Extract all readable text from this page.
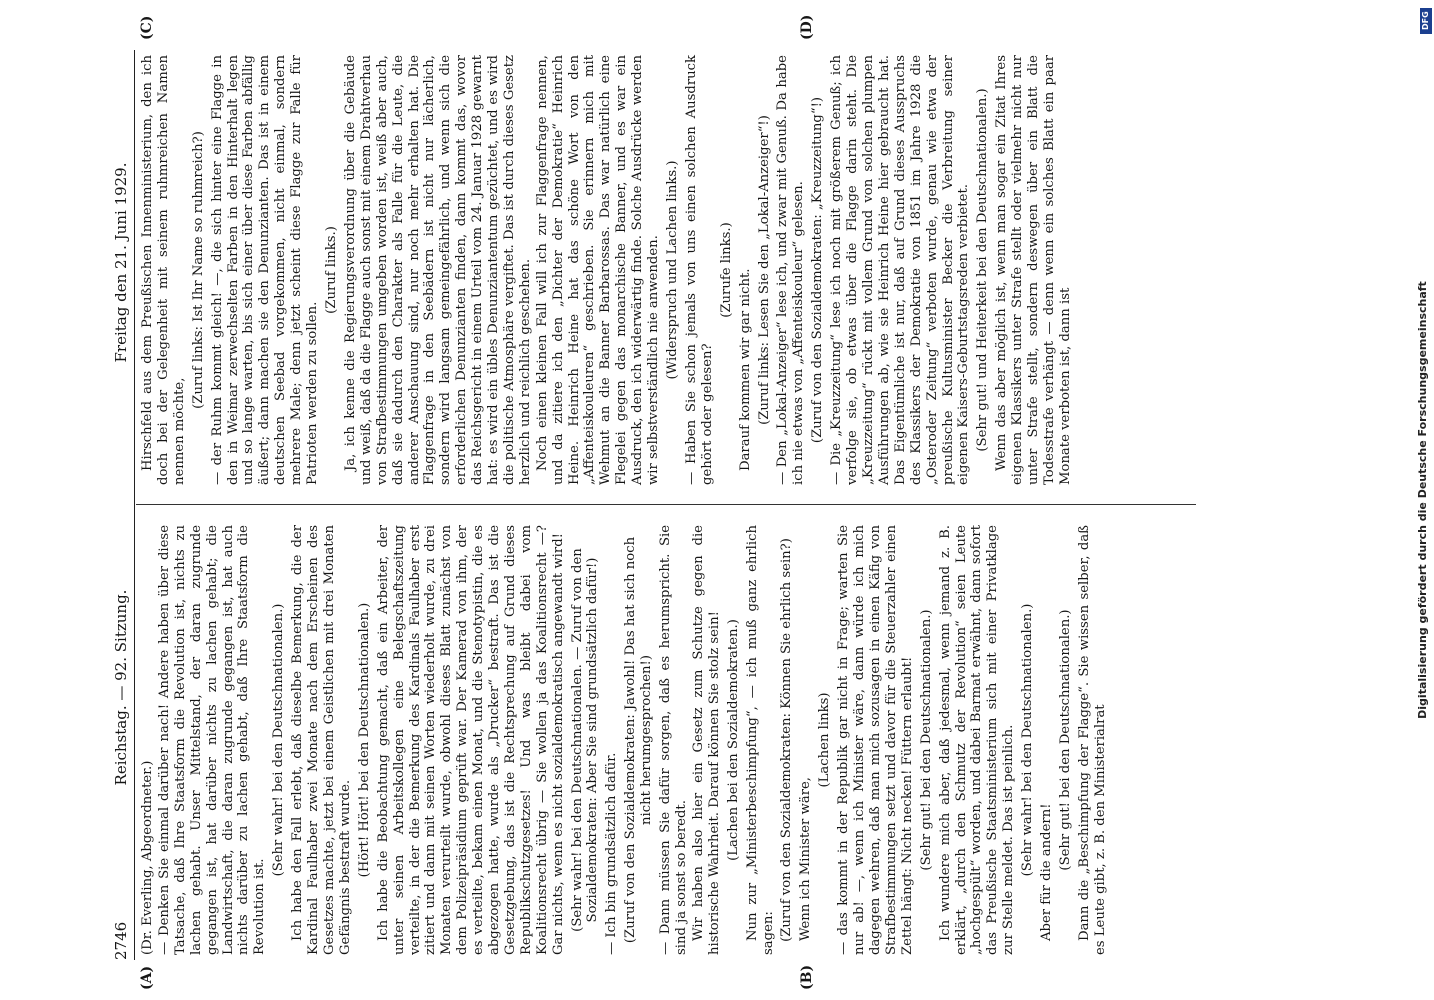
2746
Reichstag. — 92. Sitzung.
Freitag den 21. Juni 1929.
(A)	(B)
(C)	(D)

(Dr. Everling, Abgeordneter.) — Denken Sie einmal darüber nach! Andere haben über diese Tatsache, daß Ihre Staatsform die Revolution ist, nichts zu lachen gehabt. Unser Mittelstand, der daran zugrunde gegangen ist, hat darüber nichts zu lachen gehabt; die Landwirtschaft, die daran zugrunde gegangen ist, hat auch nichts darüber zu lachen gehabt, daß Ihre Staatsform die Revolution ist.

(Sehr wahr! bei den Deutschnationalen.) Ich habe den Fall erlebt, daß dieselbe Bemerkung, die der Kardinal Faulhaber zwei Monate nach dem Erscheinen des Gesetzes machte, jetzt bei einem Geistlichen mit drei Monaten Gefängnis bestraft wurde. (Hört! Hört! bei den Deutschnationalen.) Ich habe die Beobachtung gemacht, daß ein Arbeiter, der unter seinen Arbeitskollegen eine Belegschaftszeitung verteilte, in der die Bemerkung des Kardinals Faulhaber erst zitiert und dann mit seinen Worten wiederholt wurde, zu drei Monaten verurteilt wurde, obwohl dieses Blatt zunächst von dem Polizeipräsidium geprüft war. Der Kamerad von ihm, der es verteilte, bekam einen Monat, und die Stenotypistin, die es abgezogen hatte, wurde als „Drucker“ bestraft. Das ist die Gesetzgebung, das ist die Rechtsprechung auf Grund dieses Republikschutzgesetzes! Und was bleibt dabei vom Koalitionsrecht übrig — Sie wollen ja das Koalitionsrecht —? Gar nichts, wenn es nicht sozialdemokratisch angewandt wird! (Sehr wahr! bei den Deutschnationalen. — Zuruf von den Sozialdemokraten: Aber Sie sind grundsätzlich dafür!) — Ich bin grundsätzlich dafür. (Zuruf von den Sozialdemokraten: Jawohl! Das hat sich noch nicht herumgesprochen!) — Dann müssen Sie dafür sorgen, daß es herumspricht. Sie sind ja sonst so beredt. Wir haben also hier ein Gesetz zum Schutze gegen die historische Wahrheit. Darauf können Sie stolz sein! (Lachen bei den Sozialdemokraten.) Nun zur „Ministerbeschimpfung“, — ich muß ganz ehrlich sagen: (Zuruf von den Sozialdemokraten: Können Sie ehrlich sein?) Wenn ich Minister wäre,

(Lachen links) — das kommt in der Republik gar nicht in Frage; warten Sie nur ab! —, wenn ich Minister wäre, dann würde ich mich dagegen wehren, daß man mich sozusagen in einen Käfig von Strafbestimmungen setzt und davor für die Steuerzahler einen Zettel hängt: Nicht necken! Füttern erlaubt! (Sehr gut! bei den Deutschnationalen.) Ich wundere mich aber, daß jedesmal, wenn jemand z. B. erklärt, „durch den Schmutz der Revolution“ seien Leute „hochgespült“ worden, und dabei Barmat erwähnt, dann sofort das Preußische Staatsministerium sich mit einer Privatklage zur Stelle meldet. Das ist peinlich. (Sehr wahr! bei den Deutschnationalen.) Aber für die andern!

(Sehr gut! bei den Deutschnationalen.) Dann die „Beschimpfung der Flagge“. Sie wissen selber, daß es Leute gibt, z. B. den Ministerialrat

Hirschfeld aus dem Preußischen Innenministerium, den ich doch bei der Gelegenheit mit seinem ruhmreichen Namen nennen möchte,

(Zuruf links: Ist Ihr Name so ruhmreich?) — der Ruhm kommt gleich! —, die sich hinter eine Flagge in den in Weimar zerwechselten Farben in den Hinterhalt legen und so lange warten, bis sich einer über diese Farben abfällig äußert; dann machen sie den Denunzianten. Das ist in einem deutschen Seebad vorgekommen, nicht einmal, sondern mehrere Male; denn jetzt scheint diese Flagge zur Falle für Patrioten werden zu sollen.

(Zuruf links.) Ja, ich kenne die Regierungsverordnung über die Gebäude und weiß, daß da die Flagge auch sonst mit einem Drahtverhau von Strafbestimmungen umgeben worden ist, weiß aber auch, daß sie dadurch den Charakter als Falle für die Leute, die anderer Anschauung sind, nur noch mehr erhalten hat. Die Flaggenfrage in den Seebädern ist nicht nur lächerlich, sondern wird langsam gemeingefährlich, und wenn sich die erforderlichen Denunzianten finden, dann kommt das, wovor das Reichsgericht in einem Urteil vom 24. Januar 1928 gewarnt hat: es wird ein übles Denunziantentum gezüchtet, und es wird die politische Atmosphäre vergiftet. Das ist durch dieses Gesetz herzlich und reichlich geschehen. Noch einen kleinen Fall will ich zur Flaggenfrage nennen, und da zitiere ich den „Dichter der Demokratie“ Heinrich Heine. Heinrich Heine hat das schöne Wort von den „Affenteiskouleuren“ geschrieben. Sie erinnern mich mit Wehmut an die Banner Barbarossas. Das war natürlich eine Flegelei gegen das monarchische Banner, und es war ein Ausdruck, den ich widerwärtig finde. Solche Ausdrücke werden wir selbstverständlich nie anwenden. (Widerspruch und Lachen links.) — Haben Sie schon jemals von uns einen solchen Ausdruck gehört oder gelesen?

(Zurufe links.) Darauf kommen wir gar nicht. (Zuruf links: Lesen Sie den „Lokal-Anzeiger“!) — Den „Lokal-Anzeiger“ lese ich, und zwar mit Genuß. Da habe ich nie etwas von „Affenteiskouleur“ gelesen. (Zuruf von den Sozialdemokraten: „Kreuzzeitung“!) — Die „Kreuzzeitung“ lese ich noch mit größerem Genuß; ich verfolge sie, ob etwas über die Flagge darin steht. Die „Kreuzzeitung“ rückt mit vollem Grund von solchen plumpen Ausführungen ab, wie sie Heinrich Heine hier gebraucht hat. Das Eigentümliche ist nur, daß auf Grund dieses Ausspruchs des Klassikers der Demokratie von 1851 im Jahre 1928 die „Osteroder Zeitung“ verboten wurde, genau wie etwa der preußische Kultusminister Becker die Verbreitung seiner eigenen Kaisers-Geburtstagsreden verbietet. (Sehr gut! und Heiterkeit bei den Deutschnationalen.) Wenn das aber möglich ist, wenn man sogar ein Zitat Ihres eigenen Klassikers unter Strafe stellt oder vielmehr nicht nur unter Strafe stellt, sondern deswegen über ein Blatt die Todesstrafe verhängt — denn wenn ein solches Blatt ein paar Monate verboten ist, dann ist	Digitalisierung gefördert durch die Deutsche Forschungsgemeinschaft
DFG
